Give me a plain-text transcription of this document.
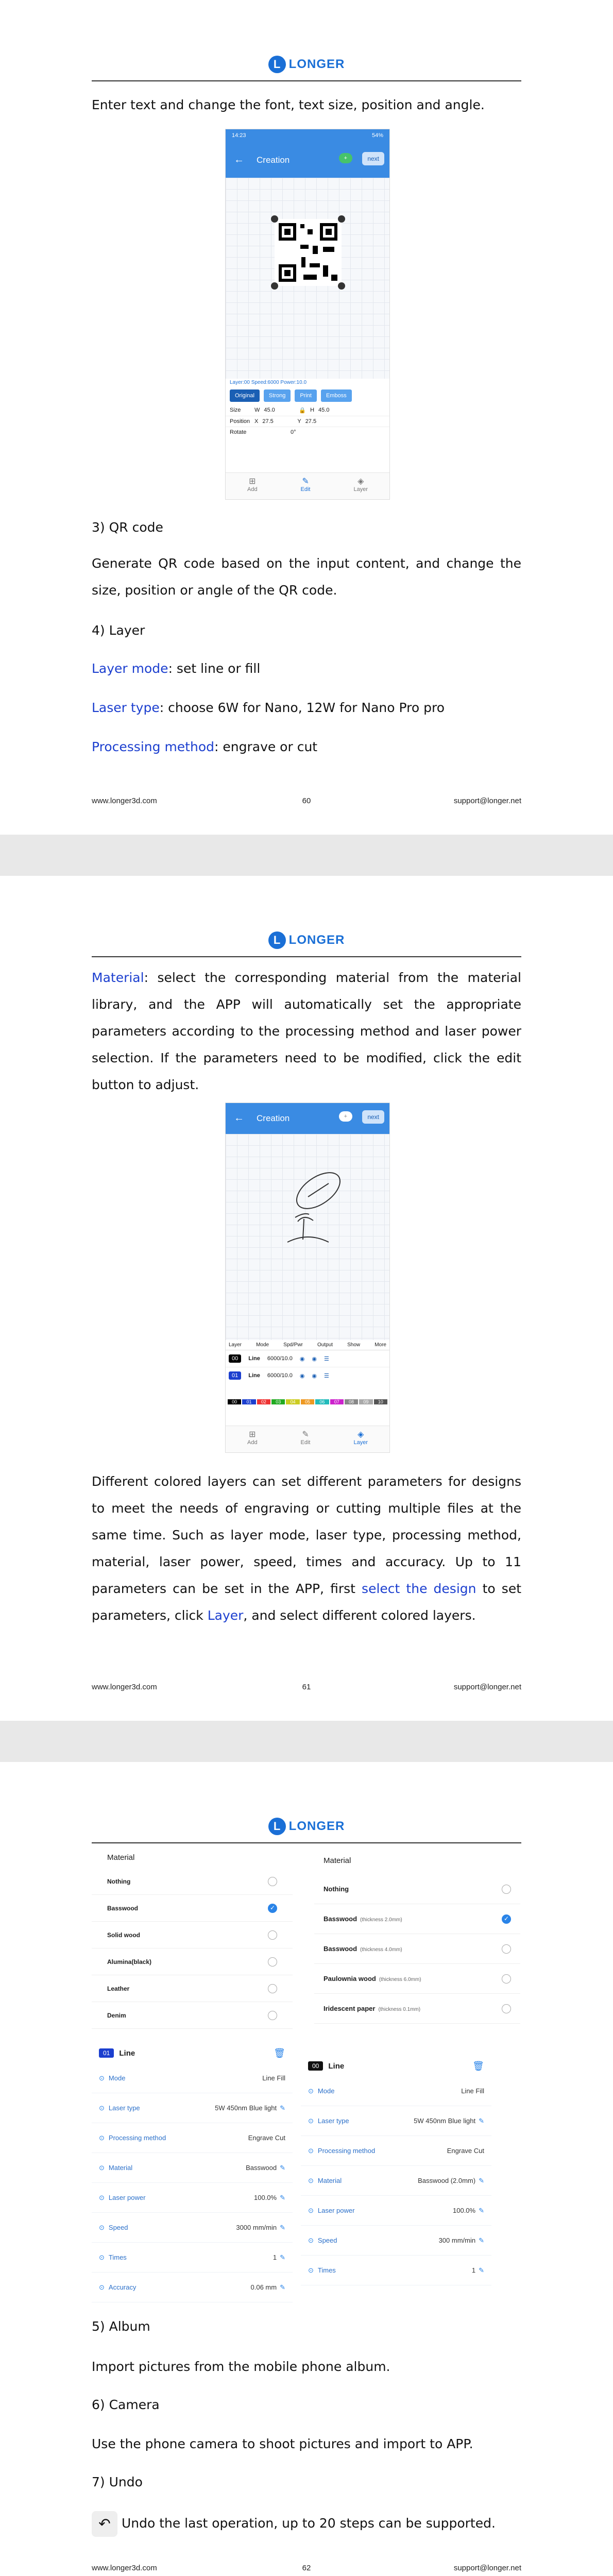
L LONGER
Enter text and change the font, text size, position and angle.
14:23	54%
← Creation	+	next
Layer:00 Speed:6000 Power:10.0
Original	Strong	Print	Emboss
Size	W 45.0	🔒 H 45.0
Position X 27.5	Y 27.5
Rotate	0°
⊞
Add
✎
Edit
◈
Layer
3) QR code
Generate QR code based on the input content, and change the size, position or angle of the QR code.
4) Layer
Layer mode: set line or fill
Laser type: choose 6W for Nano, 12W for Nano Pro pro
Processing method: engrave or cut
www.longer3d.com	60	support@longer.net
L LONGER
Material: select the corresponding material from the material library, and the APP will automatically set the appropriate parameters according to the processing method and laser power selection. If the parameters need to be modified, click the edit button to adjust.
← Creation	+	next
Layer	Mode	Spd/Pwr	Output	Show	More
00	Line 6000/10.0 ◉ ◉ ☰
01	Line 6000/10.0 ◉ ◉ ☰
00	01	02	03	04	05	06	07	08	09	10
⊞
Add
✎
Edit
◈
Layer
Different colored layers can set different parameters for designs to meet the needs of engraving or cutting multiple files at the same time. Such as layer mode, laser type, processing method, material, laser power, speed, times and accuracy. Up to 11 parameters can be set in the APP, first select the design to set parameters, click Layer, and select different colored layers.
www.longer3d.com	61	support@longer.net
L LONGER
Material
Nothing
Basswood
✓
Solid wood
Alumina(black)
Leather
Denim
Material
Nothing
Basswood (thickness 2.0mm)
✓
Basswood (thickness 4.0mm)
Paulownia wood (thickness 6.0mm)
Iridescent paper (thickness 0.1mm)
01	Line	🗑
⊙ Mode	Line Fill
⊙ Laser type	5W 450nm Blue light ✎
⊙ Processing method	Engrave Cut
⊙ Material	Basswood ✎
⊙ Laser power	100.0% ✎
⊙ Speed	3000 mm/min ✎
⊙ Times	1 ✎
⊙ Accuracy	0.06 mm ✎
00	Line	🗑
⊙ Mode	Line Fill
⊙ Laser type	5W 450nm Blue light ✎
⊙ Processing method	Engrave Cut
⊙ Material	Basswood (2.0mm) ✎
⊙ Laser power	100.0% ✎
⊙ Speed	300 mm/min ✎
⊙ Times	1 ✎
5) Album
Import pictures from the mobile phone album.
6) Camera
Use the phone camera to shoot pictures and import to APP.
7) Undo
↶ Undo the last operation, up to 20 steps can be supported.
www.longer3d.com	62	support@longer.net
